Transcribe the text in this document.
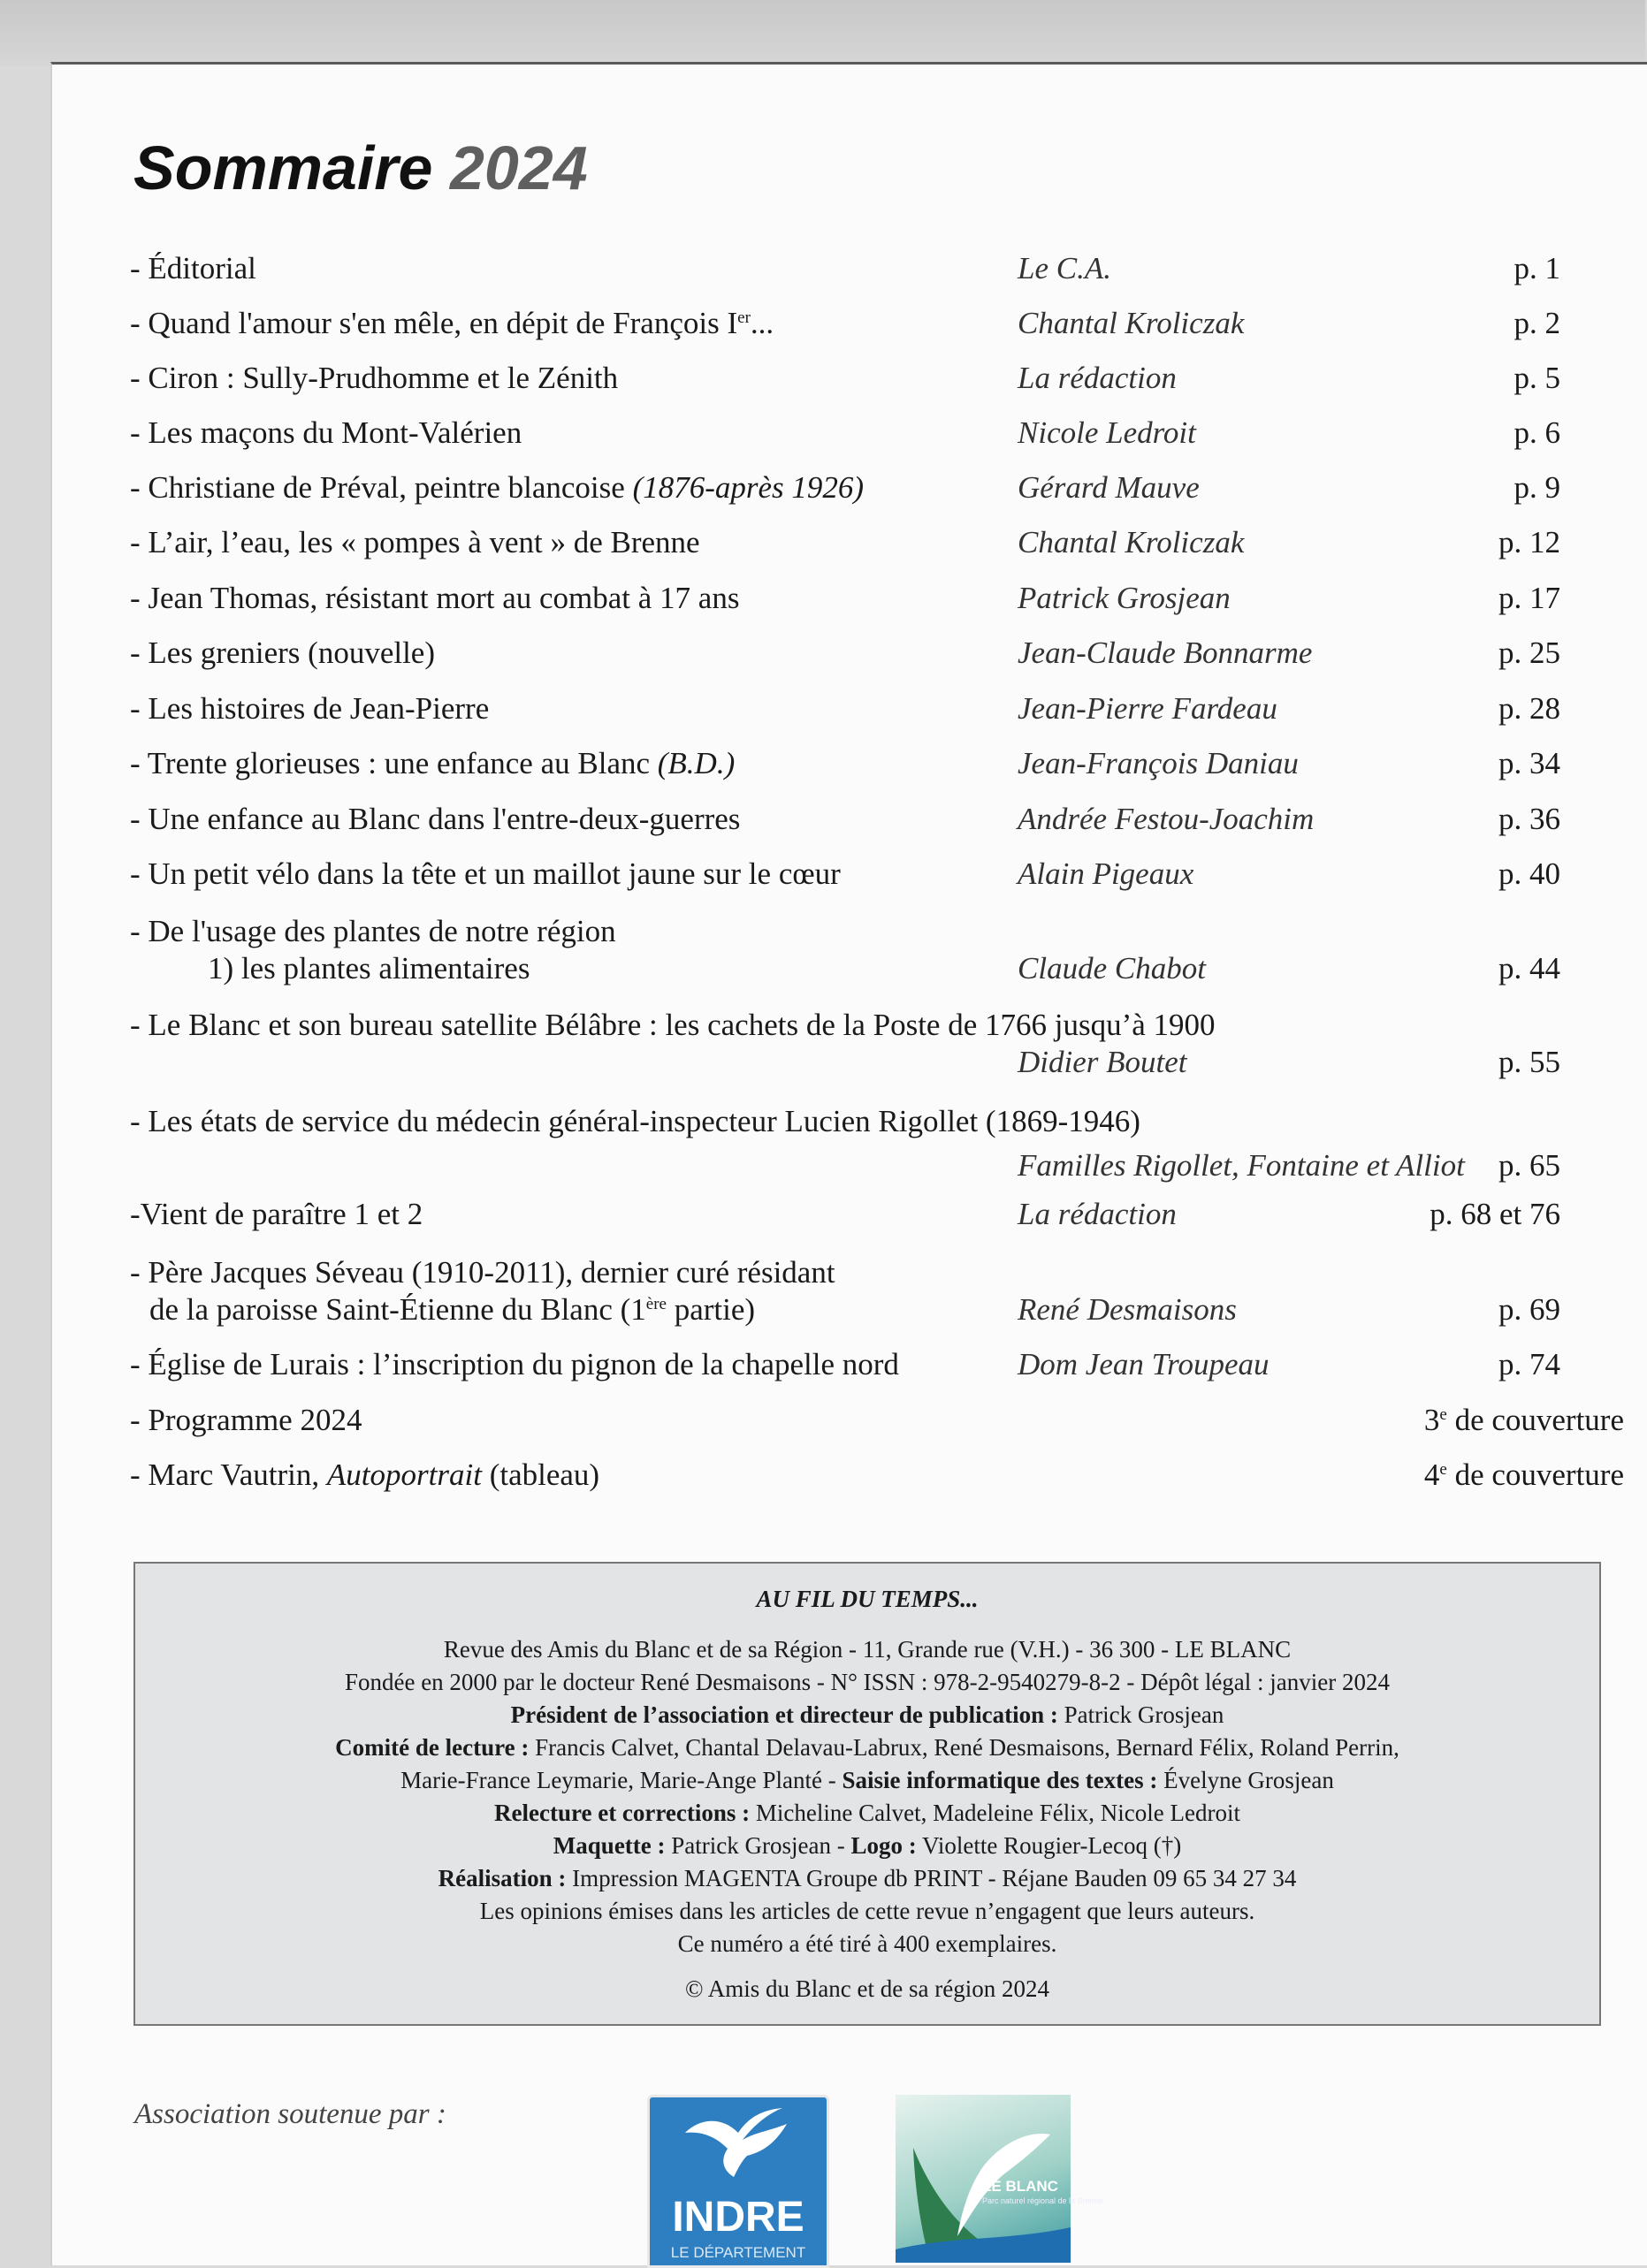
Sommaire 2024
- Éditorial	Le C.A.	p. 1
- Quand l'amour s'en mêle, en dépit de François Ier...	Chantal Kroliczak	p. 2
- Ciron : Sully-Prudhomme et le Zénith	La rédaction	p. 5
- Les maçons du Mont-Valérien	Nicole Ledroit	p. 6
- Christiane de Préval, peintre blancoise (1876-après 1926)	Gérard Mauve	p. 9
- L’air, l’eau, les « pompes à vent » de Brenne	Chantal Kroliczak	p. 12
- Jean Thomas, résistant mort au combat à 17 ans	Patrick Grosjean	p. 17
- Les greniers (nouvelle)	Jean-Claude Bonnarme	p. 25
- Les histoires de Jean-Pierre	Jean-Pierre Fardeau	p. 28
- Trente glorieuses : une enfance au Blanc (B.D.)	Jean-François Daniau	p. 34
- Une enfance au Blanc dans l'entre-deux-guerres	Andrée Festou-Joachim	p. 36
- Un petit vélo dans la tête et un maillot jaune sur le cœur	Alain Pigeaux	p. 40
- De l'usage des plantes de notre région
1) les plantes alimentaires	Claude Chabot	p. 44
- Le Blanc et son bureau satellite Bélâbre : les cachets de la Poste de 1766 jusqu’à 1900
Didier Boutet	p. 55
- Les états de service du médecin général-inspecteur Lucien Rigollet (1869-1946)
Familles Rigollet, Fontaine et Alliot p. 65
-Vient de paraître 1 et 2	La rédaction	p. 68 et 76
- Père Jacques Séveau (1910-2011), dernier curé résidant
de la paroisse Saint-Étienne du Blanc (1ère partie)	René Desmaisons	p. 69
- Église de Lurais : l’inscription du pignon de la chapelle nord	Dom Jean Troupeau	p. 74
- Programme 2024	3e de couverture
- Marc Vautrin, Autoportrait (tableau)	4e de couverture
AU FIL DU TEMPS...
Revue des Amis du Blanc et de sa Région - 11, Grande rue (V.H.) - 36 300 - LE BLANC
Fondée en 2000 par le docteur René Desmaisons - N° ISSN : 978-2-9540279-8-2 - Dépôt légal : janvier 2024
Président de l’association et directeur de publication : Patrick Grosjean
Comité de lecture : Francis Calvet, Chantal Delavau-Labrux, René Desmaisons, Bernard Félix, Roland Perrin,
Marie-France Leymarie, Marie-Ange Planté - Saisie informatique des textes : Évelyne Grosjean
Relecture et corrections : Micheline Calvet, Madeleine Félix, Nicole Ledroit
Maquette : Patrick Grosjean - Logo : Violette Rougier-Lecoq (†)
Réalisation : Impression MAGENTA Groupe db PRINT - Réjane Bauden 09 65 34 27 34
Les opinions émises dans les articles de cette revue n’engagent que leurs auteurs.
Ce numéro a été tiré à 400 exemplaires.
© Amis du Blanc et de sa région 2024
Association soutenue par :
INDRE
LE DÉPARTEMENT
LE BLANC
Parc naturel régional de la Brenne
